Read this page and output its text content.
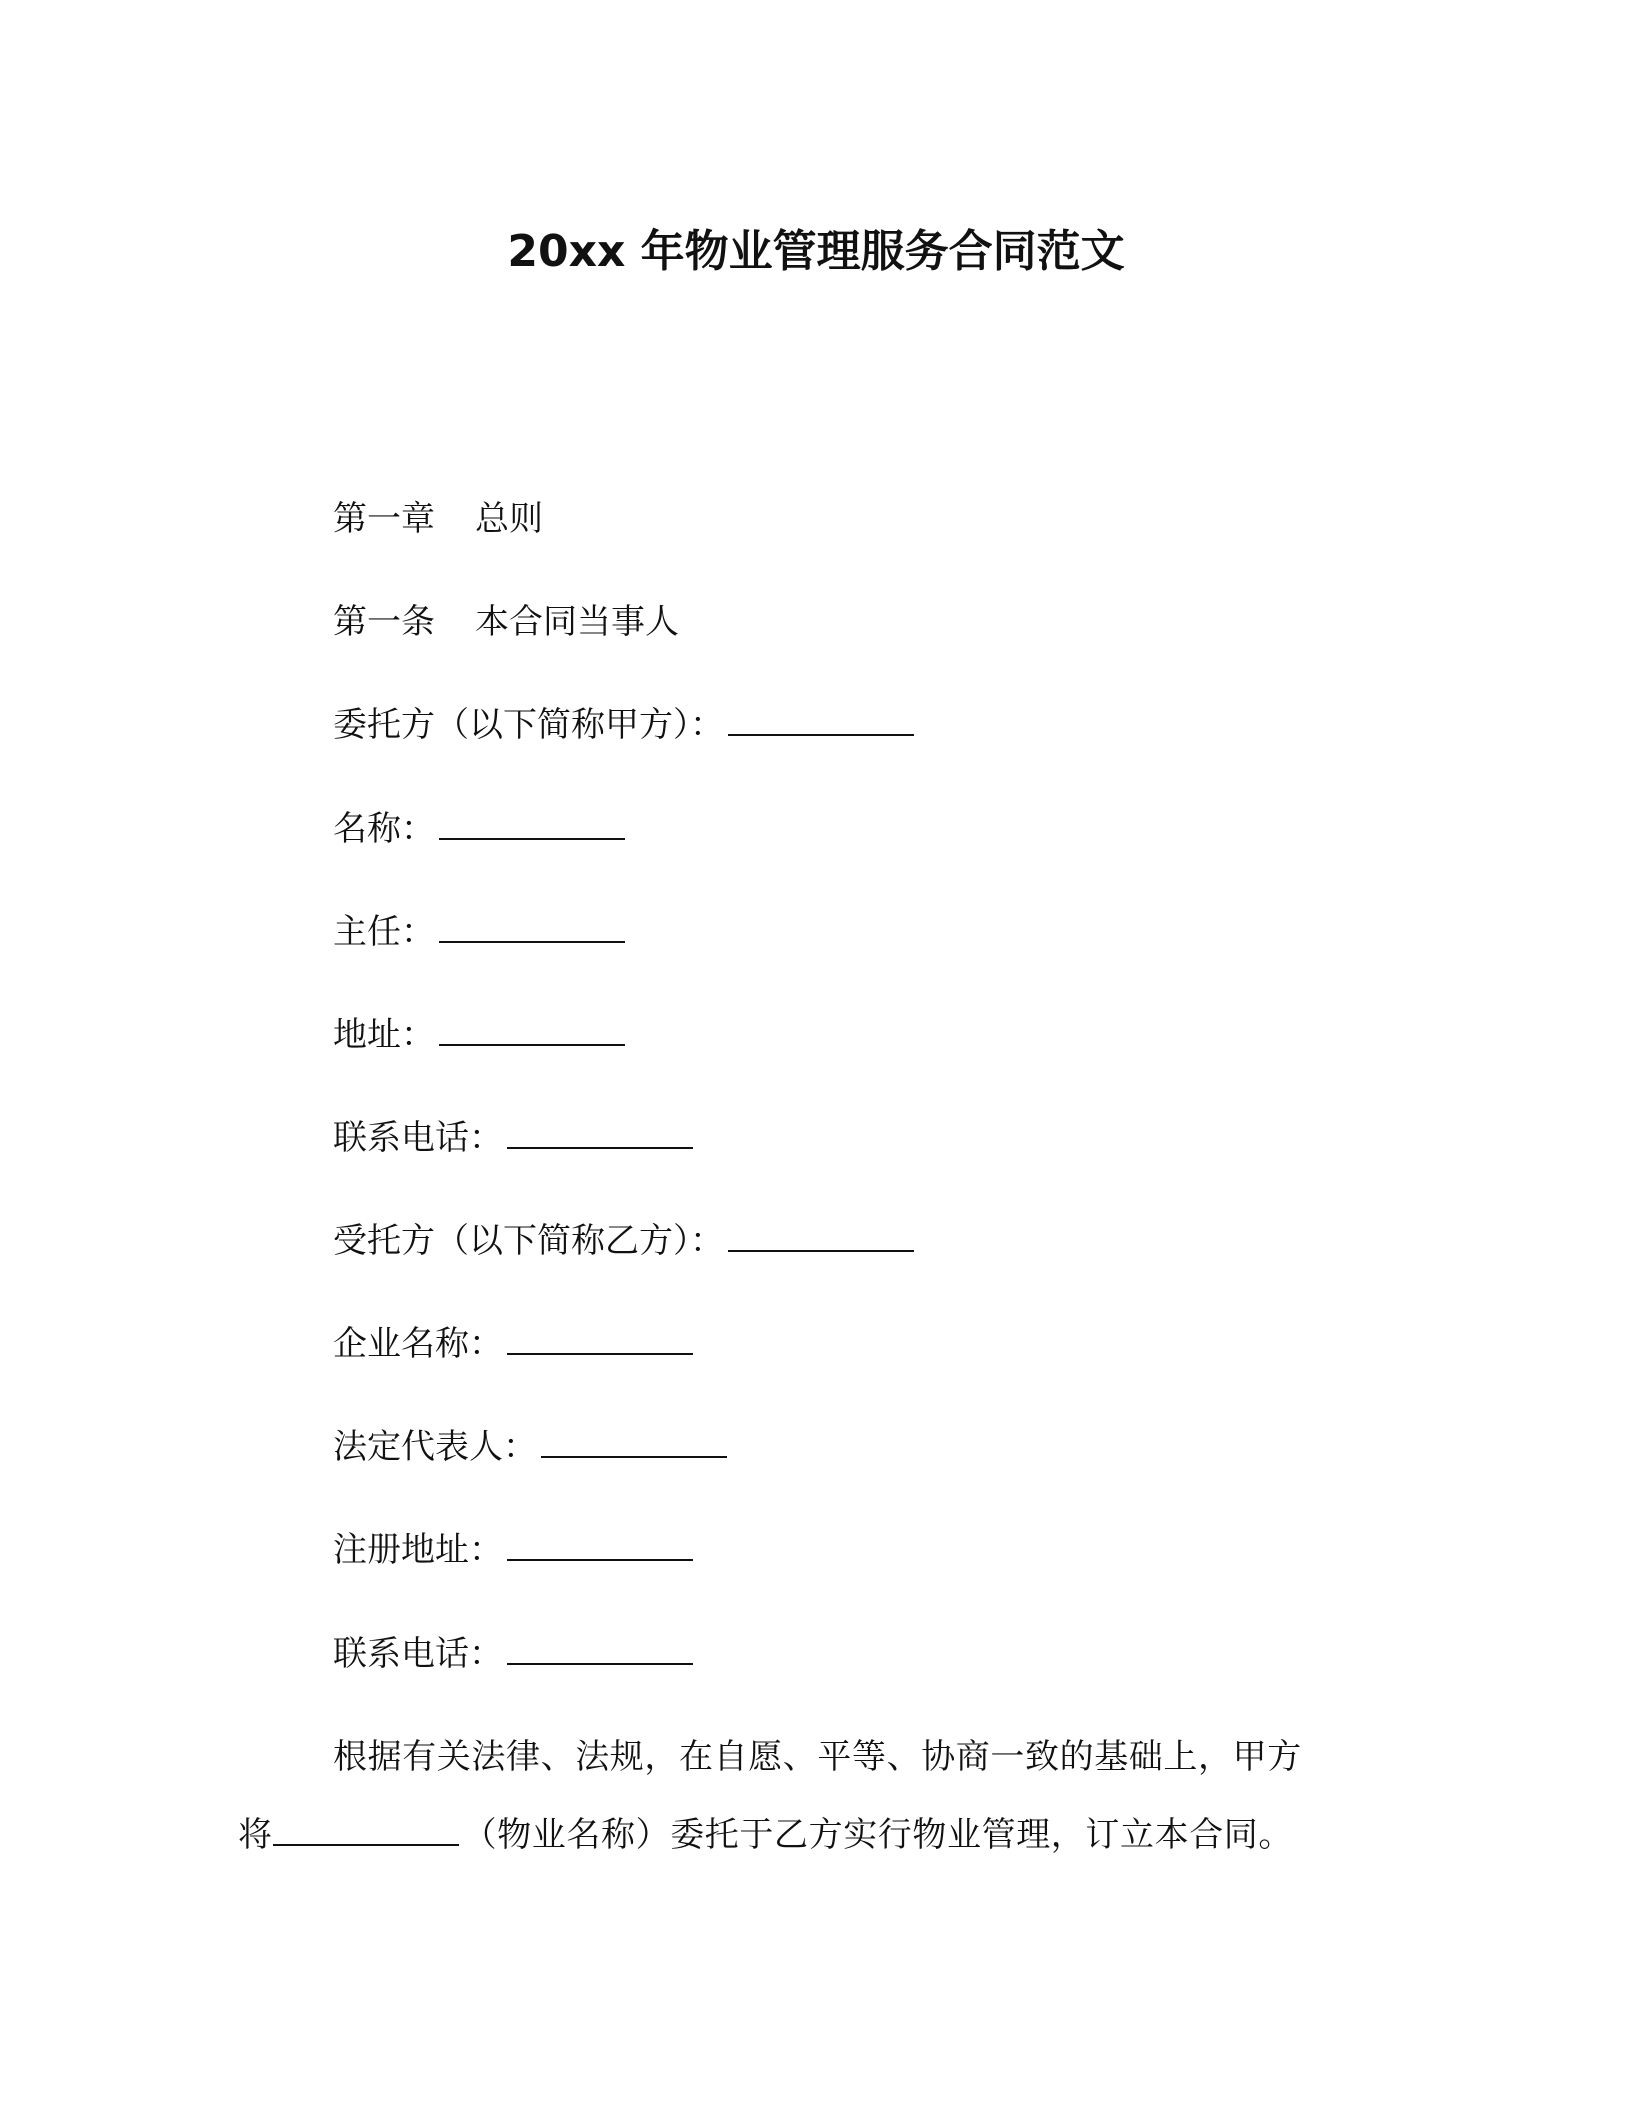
20xx 年物业管理服务合同范文
第一章 总则
第一条 本合同当事人
委托方（以下简称甲方）：
名称：
主任：
地址：
联系电话：
受托方（以下简称乙方）：
企业名称：
法定代表人：
注册地址：
联系电话：
根据有关法律、法规，在自愿、平等、协商一致的基础上，甲方
将	（物业名称）委托于乙方实行物业管理，订立本合同。
